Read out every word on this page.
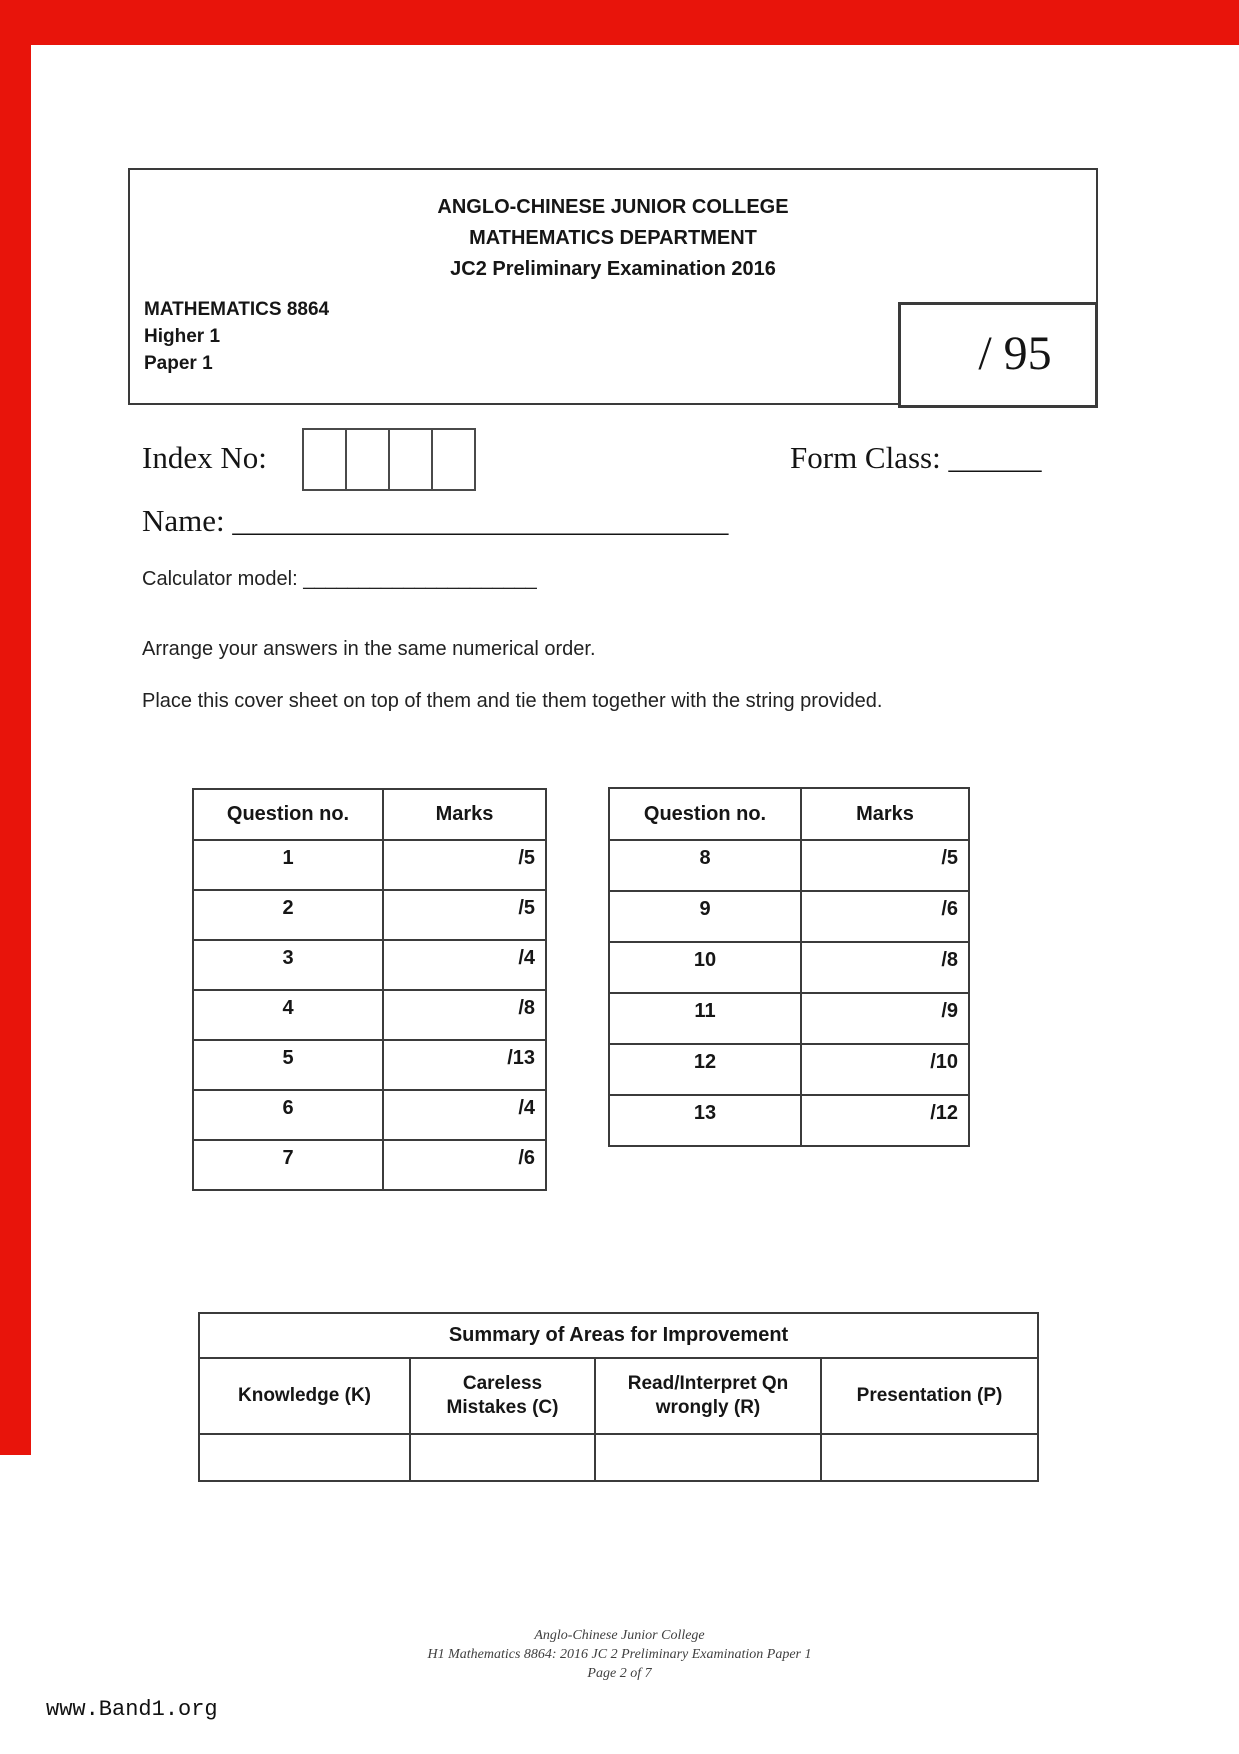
ANGLO-CHINESE JUNIOR COLLEGE
MATHEMATICS DEPARTMENT
JC2 Preliminary Examination 2016
MATHEMATICS 8864
Higher 1
Paper 1	/ 95
Index No:	Form Class: ______
Name: ________________________________
Calculator model: _____________________

Arrange your answers in the same numerical order.

Place this cover sheet on top of them and tie them together with the string provided.

Question no.	Marks
1	/5
2	/5
3	/4
4	/8
5	/13
6	/4
7	/6
Question no.	Marks
8	/5
9	/6
10	/8
11	/9
12	/10
13	/12
Summary of Areas for Improvement			
Knowledge (K)	Careless Mistakes (C)	Read/Interpret Qn wrongly (R)	Presentation (P)

Anglo-Chinese Junior College
H1 Mathematics 8864: 2016 JC 2 Preliminary Examination Paper 1
Page 2 of 7
www.Band1.org
